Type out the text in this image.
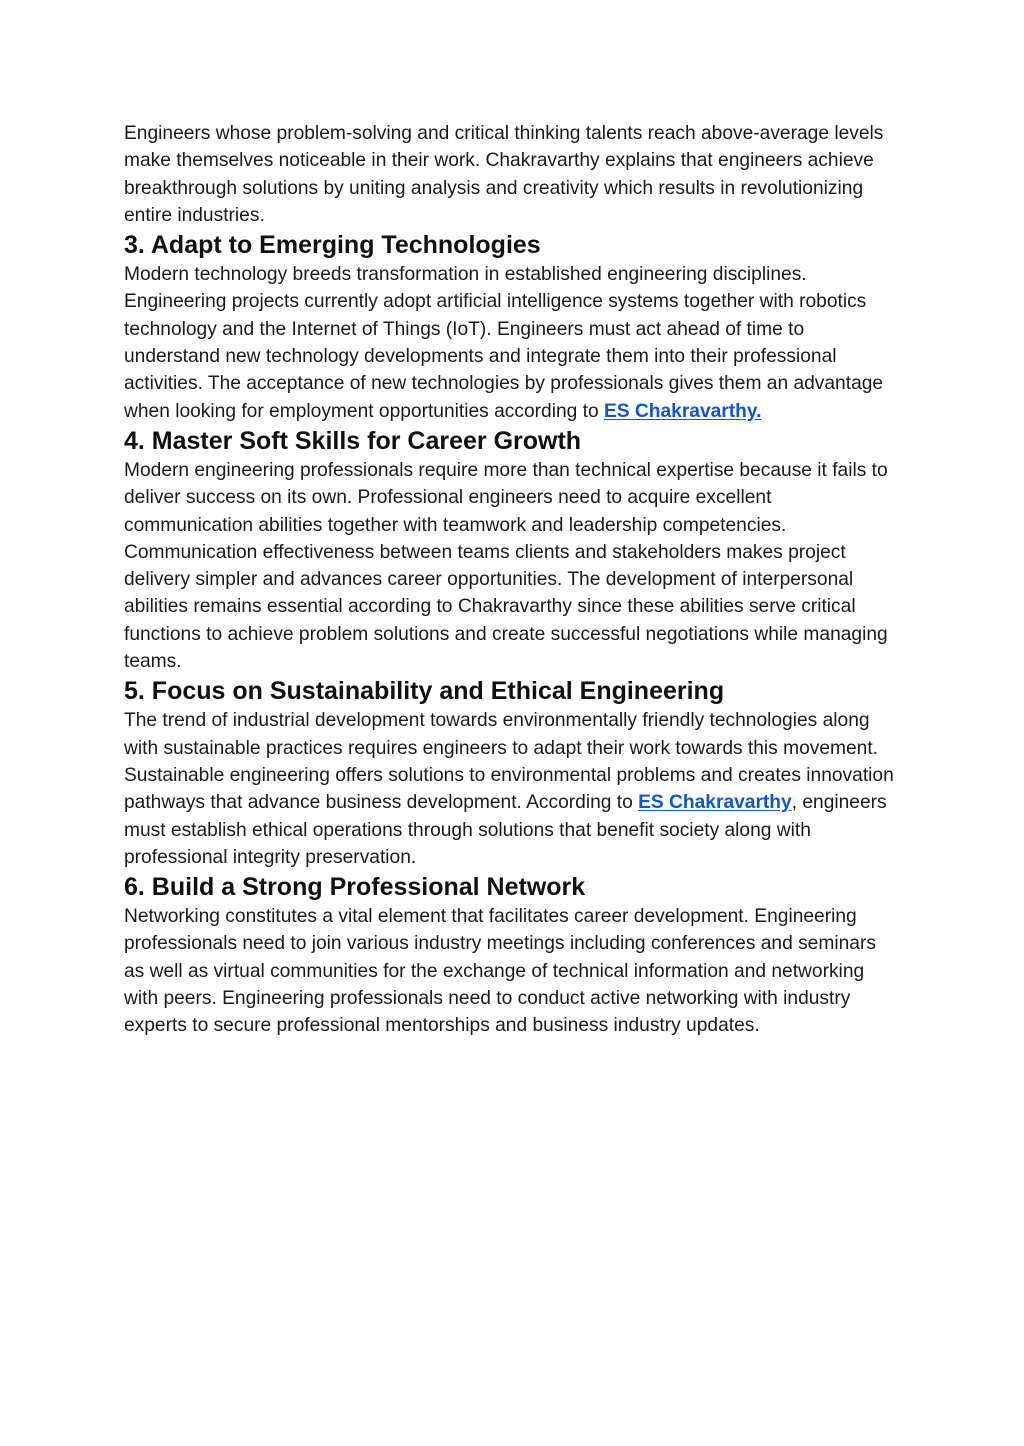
Engineers whose problem-solving and critical thinking talents reach above-average levels make themselves noticeable in their work. Chakravarthy explains that engineers achieve breakthrough solutions by uniting analysis and creativity which results in revolutionizing entire industries.

3. Adapt to Emerging Technologies

Modern technology breeds transformation in established engineering disciplines. Engineering projects currently adopt artificial intelligence systems together with robotics technology and the Internet of Things (IoT). Engineers must act ahead of time to understand new technology developments and integrate them into their professional activities. The acceptance of new technologies by professionals gives them an advantage when looking for employment opportunities according to ES Chakravarthy.

4. Master Soft Skills for Career Growth

Modern engineering professionals require more than technical expertise because it fails to deliver success on its own. Professional engineers need to acquire excellent communication abilities together with teamwork and leadership competencies. Communication effectiveness between teams clients and stakeholders makes project delivery simpler and advances career opportunities. The development of interpersonal abilities remains essential according to Chakravarthy since these abilities serve critical functions to achieve problem solutions and create successful negotiations while managing teams.

5. Focus on Sustainability and Ethical Engineering

The trend of industrial development towards environmentally friendly technologies along with sustainable practices requires engineers to adapt their work towards this movement. Sustainable engineering offers solutions to environmental problems and creates innovation pathways that advance business development. According to ES Chakravarthy, engineers must establish ethical operations through solutions that benefit society along with professional integrity preservation.

6. Build a Strong Professional Network

Networking constitutes a vital element that facilitates career development. Engineering professionals need to join various industry meetings including conferences and seminars as well as virtual communities for the exchange of technical information and networking with peers. Engineering professionals need to conduct active networking with industry experts to secure professional mentorships and business industry updates.
